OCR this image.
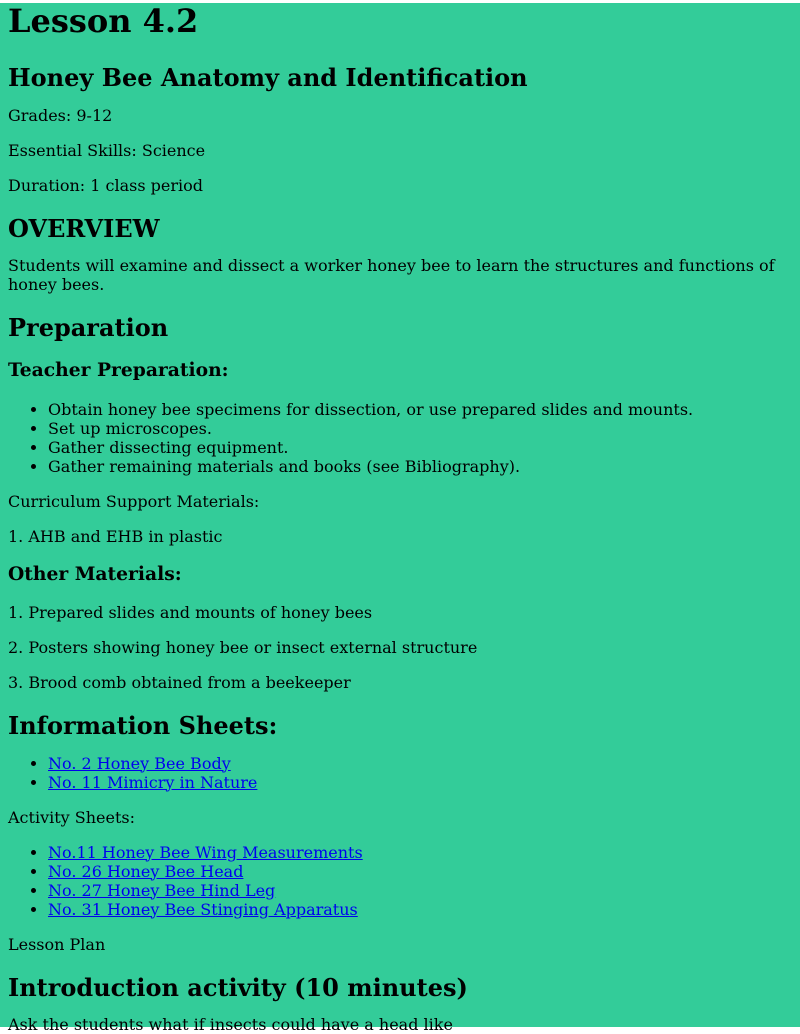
Lesson 4.2
Honey Bee Anatomy and Identification

Grades: 9-12

Essential Skills: Science

Duration: 1 class period

OVERVIEW

Students will examine and dissect a worker honey bee to learn the structures and functions of honey bees.

Preparation
Teacher Preparation:
• Obtain honey bee specimens for dissection, or use prepared slides and mounts.
• Set up microscopes.
• Gather dissecting equipment.
• Gather remaining materials and books (see Bibliography).

Curriculum Support Materials:

1. AHB and EHB in plastic

Other Materials:

1. Prepared slides and mounts of honey bees

2. Posters showing honey bee or insect external structure

3. Brood comb obtained from a beekeeper

Information Sheets:
• No. 2 Honey Bee Body
• No. 11 Mimicry in Nature

Activity Sheets:

• No.11 Honey Bee Wing Measurements
• No. 26 Honey Bee Head
• No. 27 Honey Bee Hind Leg
• No. 31 Honey Bee Stinging Apparatus

Lesson Plan

Introduction activity (10 minutes)

Ask the students what if insects could have a head like
